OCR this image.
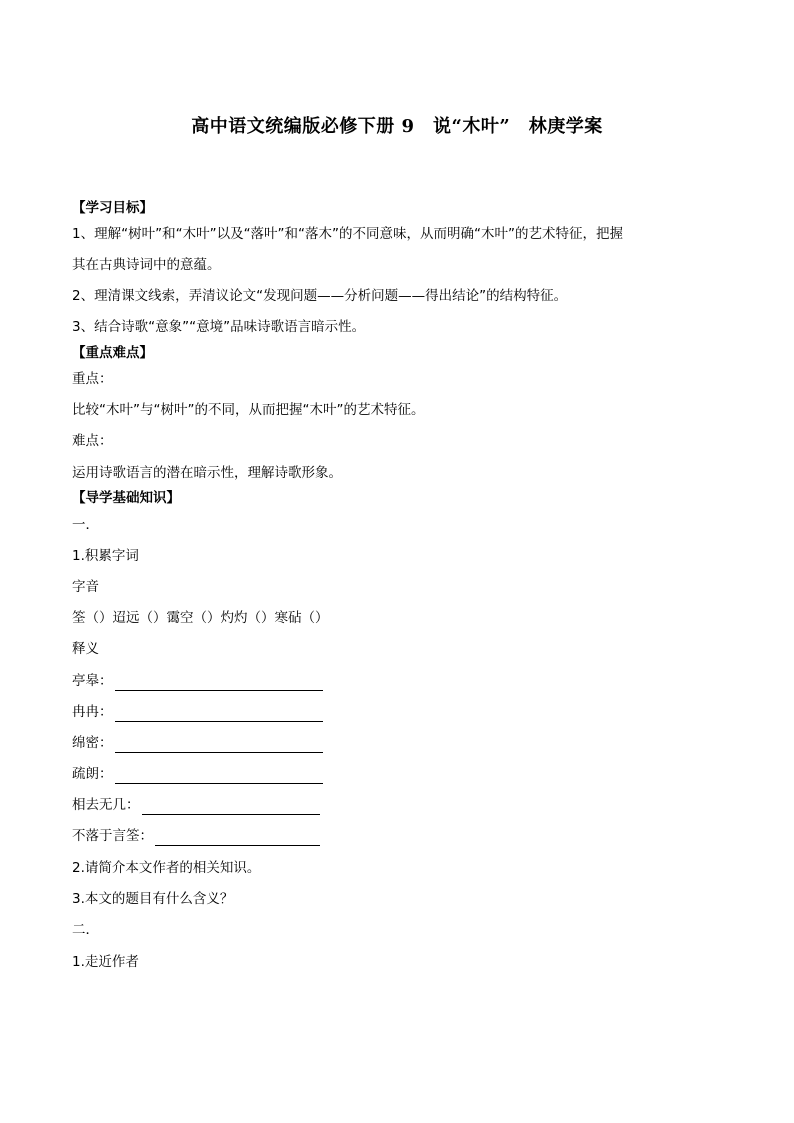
高中语文统编版必修下册 9　说“木叶”　林庚学案
【学习目标】
1、理解“树叶”和“木叶”以及“落叶”和“落木”的不同意味，从而明确“木叶”的艺术特征，把握
其在古典诗词中的意蕴。
2、理清课文线索，弄清议论文“发现问题——分析问题——得出结论”的结构特征。
3、结合诗歌“意象”“意境”品味诗歌语言暗示性。
【重点难点】
重点：
比较“木叶”与“树叶”的不同，从而把握“木叶”的艺术特征。
难点：
运用诗歌语言的潜在暗示性，理解诗歌形象。
【导学基础知识】
一．
1.积累字词
字音
筌（）迢远（）霭空（）灼灼（）寒砧（）
释义
亭皋：
冉冉：
绵密：
疏朗：
相去无几：
不落于言筌：
2.请简介本文作者的相关知识。
3.本文的题目有什么含义？
二．
1.走近作者
